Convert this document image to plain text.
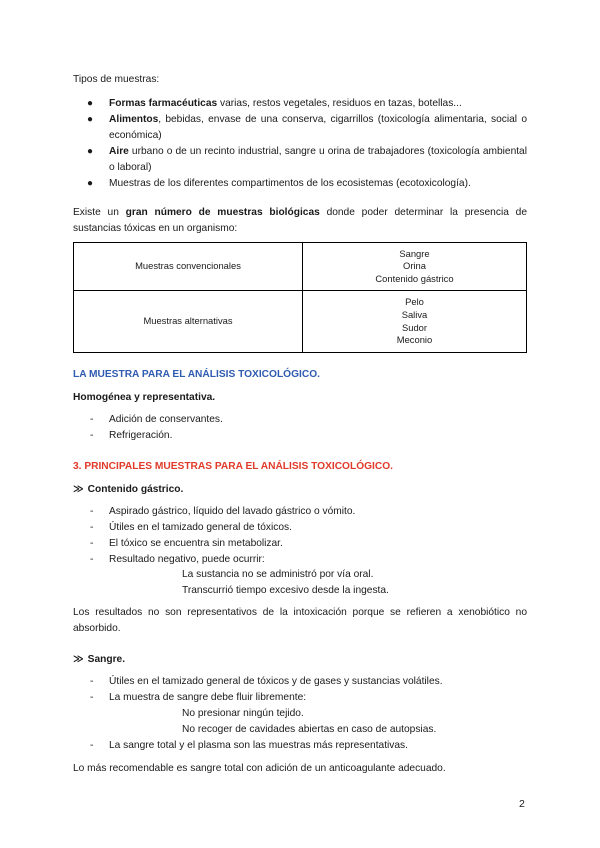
Tipos de muestras:

● Formas farmacéuticas varias, restos vegetales, residuos en tazas, botellas...
● Alimentos, bebidas, envase de una conserva, cigarrillos (toxicología alimentaria, social o económica)
● Aire urbano o de un recinto industrial, sangre u orina de trabajadores (toxicología ambiental o laboral)
● Muestras de los diferentes compartimentos de los ecosistemas (ecotoxicología).

Existe un gran número de muestras biológicas donde poder determinar la presencia de sustancias tóxicas en un organismo:

Muestras convencionales	Sangre
Orina
Contenido gástrico

Muestras alternativas	Pelo
Saliva
Sudor
Meconio

LA MUESTRA PARA EL ANÁLISIS TOXICOLÓGICO.

Homogénea y representativa.

- Adición de conservantes.
- Refrigeración.

3. PRINCIPALES MUESTRAS PARA EL ANÁLISIS TOXICOLÓGICO.

≫ Contenido gástrico.

- Aspirado gástrico, líquido del lavado gástrico o vómito.
- Útiles en el tamizado general de tóxicos.
- El tóxico se encuentra sin metabolizar.
- Resultado negativo, puede ocurrir:

La sustancia no se administró por vía oral.

Transcurrió tiempo excesivo desde la ingesta.

Los resultados no son representativos de la intoxicación porque se refieren a xenobiótico no absorbido.

≫ Sangre.

- Útiles en el tamizado general de tóxicos y de gases y sustancias volátiles.
- La muestra de sangre debe fluir libremente:

No presionar ningún tejido.

No recoger de cavidades abiertas en caso de autopsias.

- La sangre total y el plasma son las muestras más representativas.

Lo más recomendable es sangre total con adición de un anticoagulante adecuado.

2
